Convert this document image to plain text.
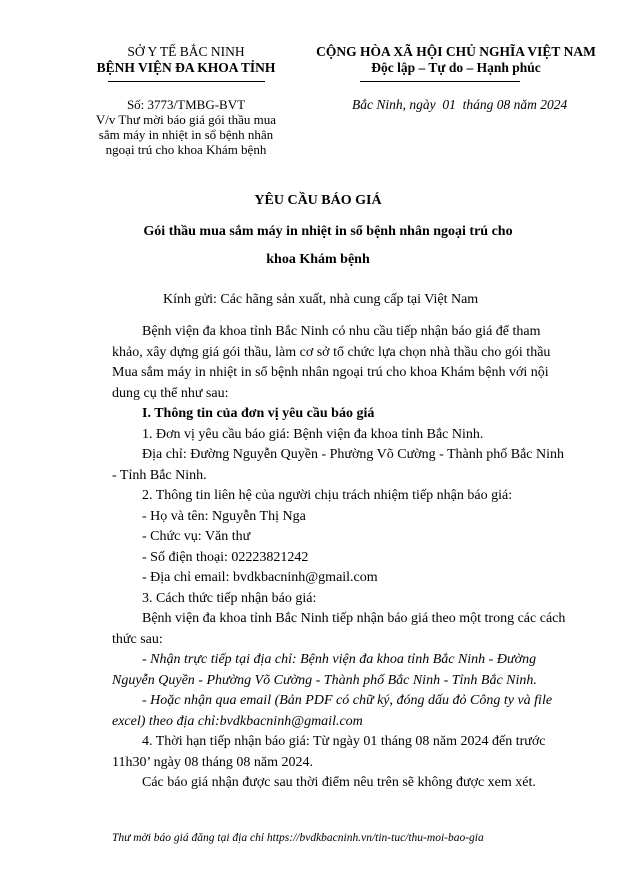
SỞ Y TẾ BẮC NINH
BỆNH VIỆN ĐA KHOA TỈNH
Số: 3773/TMBG-BVT
V/v Thư mời báo giá gói thầu mua
sắm máy in nhiệt in sổ bệnh nhân
ngoại trú cho khoa Khám bệnh
CỘNG HÒA XÃ HỘI CHỦ NGHĨA VIỆT NAM
Độc lập – Tự do – Hạnh phúc
Bắc Ninh, ngày  01  tháng 08 năm 2024
YÊU CẦU BÁO GIÁ
Gói thầu mua sắm máy in nhiệt in sổ bệnh nhân ngoại trú cho
khoa Khám bệnh
Kính gửi: Các hãng sản xuất, nhà cung cấp tại Việt Nam
Bệnh viện đa khoa tỉnh Bắc Ninh có nhu cầu tiếp nhận báo giá để tham
khảo, xây dựng giá gói thầu, làm cơ sở tổ chức lựa chọn nhà thầu cho gói thầu
Mua sắm máy in nhiệt in sổ bệnh nhân ngoại trú cho khoa Khám bệnh với nội
dung cụ thể như sau:
I. Thông tin của đơn vị yêu cầu báo giá
1. Đơn vị yêu cầu báo giá: Bệnh viện đa khoa tỉnh Bắc Ninh.
Địa chỉ: Đường Nguyễn Quyền - Phường Võ Cường - Thành phố Bắc Ninh
- Tỉnh Bắc Ninh.
2. Thông tin liên hệ của người chịu trách nhiệm tiếp nhận báo giá:
- Họ và tên: Nguyễn Thị Nga
- Chức vụ: Văn thư
- Số điện thoại: 02223821242
- Địa chỉ email: bvdkbacninh@gmail.com
3. Cách thức tiếp nhận báo giá:
Bệnh viện đa khoa tỉnh Bắc Ninh tiếp nhận báo giá theo một trong các cách
thức sau:
- Nhận trực tiếp tại địa chỉ: Bệnh viện đa khoa tỉnh Bắc Ninh - Đường
Nguyễn Quyền - Phường Võ Cường - Thành phố Bắc Ninh - Tỉnh Bắc Ninh.
- Hoặc nhận qua email (Bản PDF có chữ ký, đóng dấu đỏ Công ty và file
excel) theo địa chỉ:bvdkbacninh@gmail.com
4. Thời hạn tiếp nhận báo giá: Từ ngày 01 tháng 08 năm 2024 đến trước
11h30’ ngày 08 tháng 08 năm 2024.
Các báo giá nhận được sau thời điểm nêu trên sẽ không được xem xét.
Thư mời báo giá đăng tại địa chỉ https://bvdkbacninh.vn/tin-tuc/thu-moi-bao-gia
